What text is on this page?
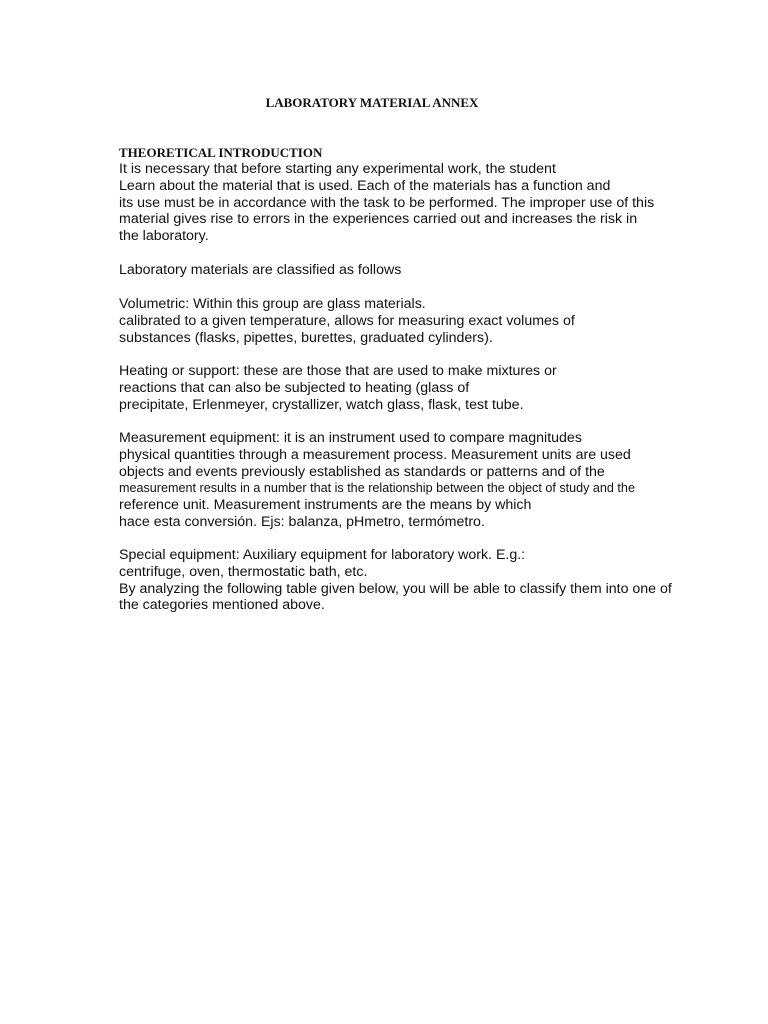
LABORATORY MATERIAL ANNEX
THEORETICAL INTRODUCTION
It is necessary that before starting any experimental work, the student
Learn about the material that is used. Each of the materials has a function and
its use must be in accordance with the task to be performed. The improper use of this
material gives rise to errors in the experiences carried out and increases the risk in
the laboratory.
Laboratory materials are classified as follows
Volumetric: Within this group are glass materials.
calibrated to a given temperature, allows for measuring exact volumes of
substances (flasks, pipettes, burettes, graduated cylinders).
Heating or support: these are those that are used to make mixtures or
reactions that can also be subjected to heating (glass of
precipitate, Erlenmeyer, crystallizer, watch glass, flask, test tube.
Measurement equipment: it is an instrument used to compare magnitudes
physical quantities through a measurement process. Measurement units are used
objects and events previously established as standards or patterns and of the
measurement results in a number that is the relationship between the object of study and the
reference unit. Measurement instruments are the means by which
hace esta conversión. Ejs: balanza, pHmetro, termómetro.
Special equipment: Auxiliary equipment for laboratory work. E.g.:
centrifuge, oven, thermostatic bath, etc.
By analyzing the following table given below, you will be able to classify them into one of
the categories mentioned above.
